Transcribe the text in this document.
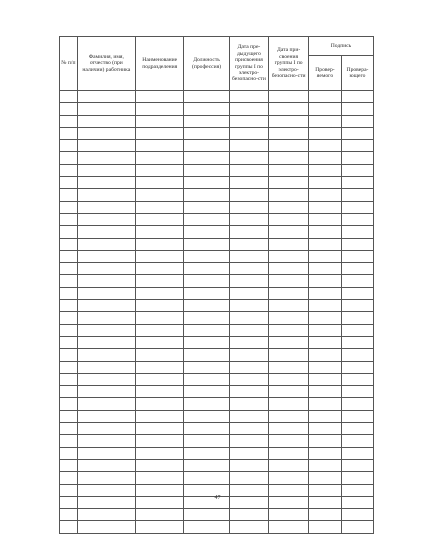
№ п/п	Фамилия, имя, отчество (при наличии) работника	Наименование подразделения	Должность (профессия)	Дата пре-дыдущего присвоения группы I по электро-безопасно-сти	Дата при-своения группы I по электро-безопасно-сти	Подпись	

						Провер-яемого	Провера-ющего

47
